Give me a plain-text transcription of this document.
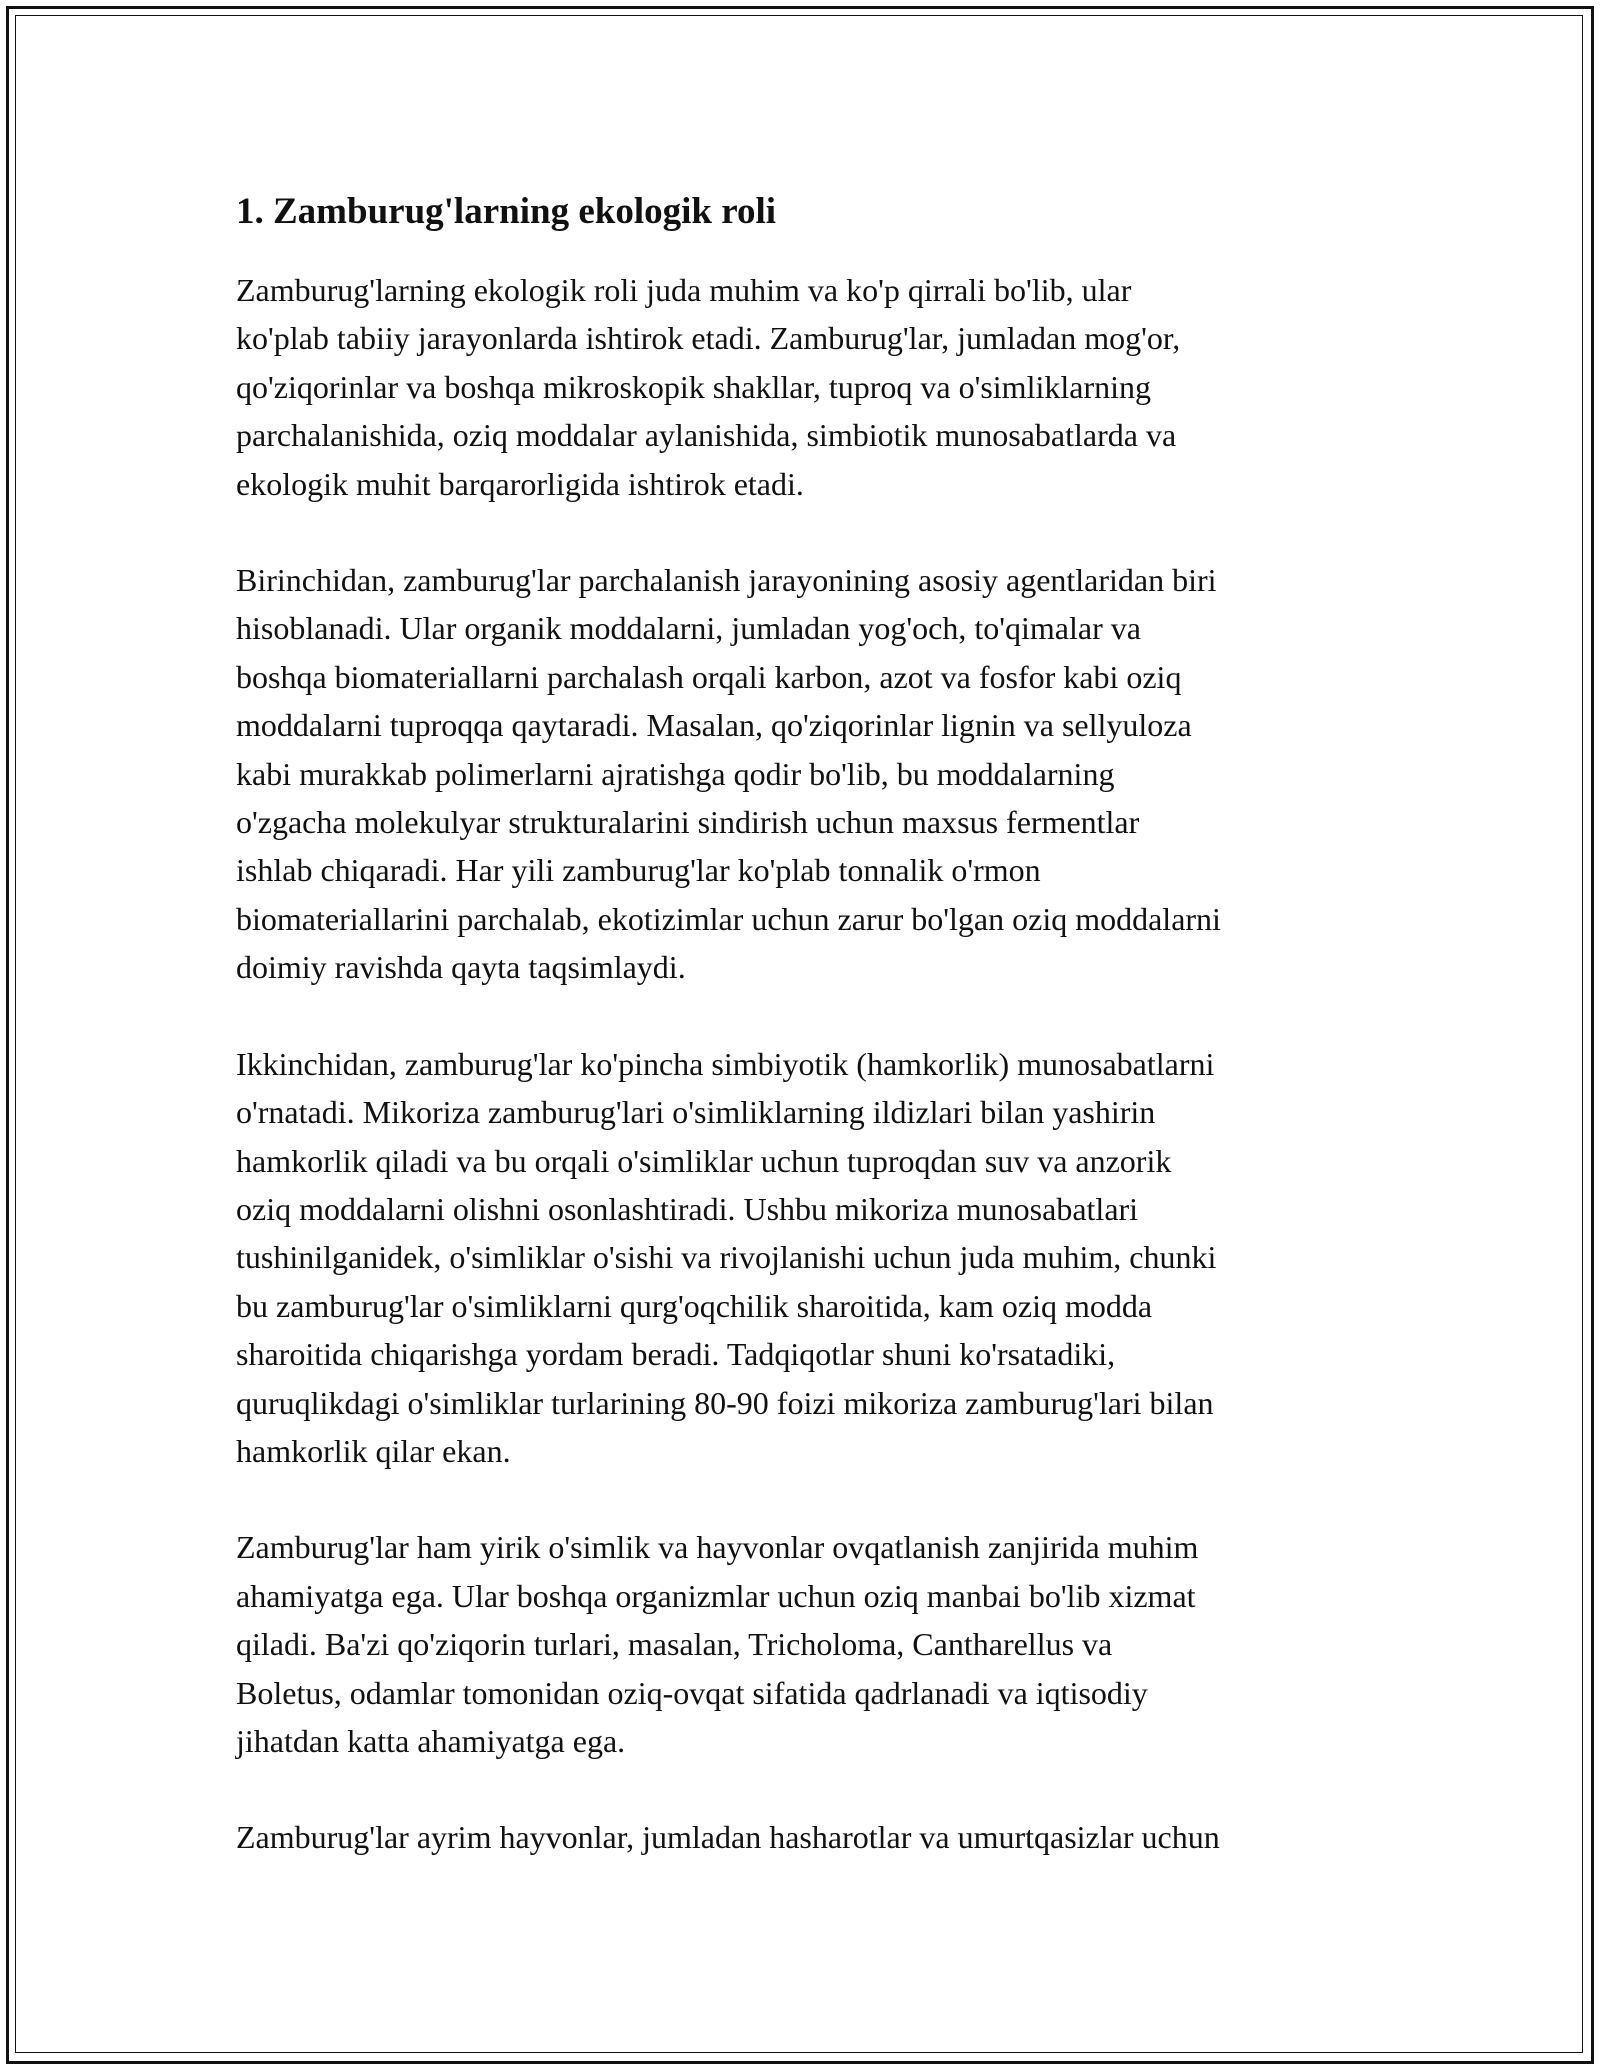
1. Zamburug'larning ekologik roli
Zamburug'larning ekologik roli juda muhim va ko'p qirrali bo'lib, ular
ko'plab tabiiy jarayonlarda ishtirok etadi. Zamburug'lar, jumladan mog'or,
qo'ziqorinlar va boshqa mikroskopik shakllar, tuproq va o'simliklarning
parchalanishida, oziq moddalar aylanishida, simbiotik munosabatlarda va
ekologik muhit barqarorligida ishtirok etadi.
Birinchidan, zamburug'lar parchalanish jarayonining asosiy agentlaridan biri
hisoblanadi. Ular organik moddalarni, jumladan yog'och, to'qimalar va
boshqa biomateriallarni parchalash orqali karbon, azot va fosfor kabi oziq
moddalarni tuproqqa qaytaradi. Masalan, qo'ziqorinlar lignin va sellyuloza
kabi murakkab polimerlarni ajratishga qodir bo'lib, bu moddalarning
o'zgacha molekulyar strukturalarini sindirish uchun maxsus fermentlar
ishlab chiqaradi. Har yili zamburug'lar ko'plab tonnalik o'rmon
biomateriallarini parchalab, ekotizimlar uchun zarur bo'lgan oziq moddalarni
doimiy ravishda qayta taqsimlaydi.
Ikkinchidan, zamburug'lar ko'pincha simbiyotik (hamkorlik) munosabatlarni
o'rnatadi. Mikoriza zamburug'lari o'simliklarning ildizlari bilan yashirin
hamkorlik qiladi va bu orqali o'simliklar uchun tuproqdan suv va anzorik
oziq moddalarni olishni osonlashtiradi. Ushbu mikoriza munosabatlari
tushinilganidek, o'simliklar o'sishi va rivojlanishi uchun juda muhim, chunki
bu zamburug'lar o'simliklarni qurg'oqchilik sharoitida, kam oziq modda
sharoitida chiqarishga yordam beradi. Tadqiqotlar shuni ko'rsatadiki,
quruqlikdagi o'simliklar turlarining 80-90 foizi mikoriza zamburug'lari bilan
hamkorlik qilar ekan.
Zamburug'lar ham yirik o'simlik va hayvonlar ovqatlanish zanjirida muhim
ahamiyatga ega. Ular boshqa organizmlar uchun oziq manbai bo'lib xizmat
qiladi. Ba'zi qo'ziqorin turlari, masalan, Tricholoma, Cantharellus va
Boletus, odamlar tomonidan oziq-ovqat sifatida qadrlanadi va iqtisodiy
jihatdan katta ahamiyatga ega.
Zamburug'lar ayrim hayvonlar, jumladan hasharotlar va umurtqasizlar uchun
